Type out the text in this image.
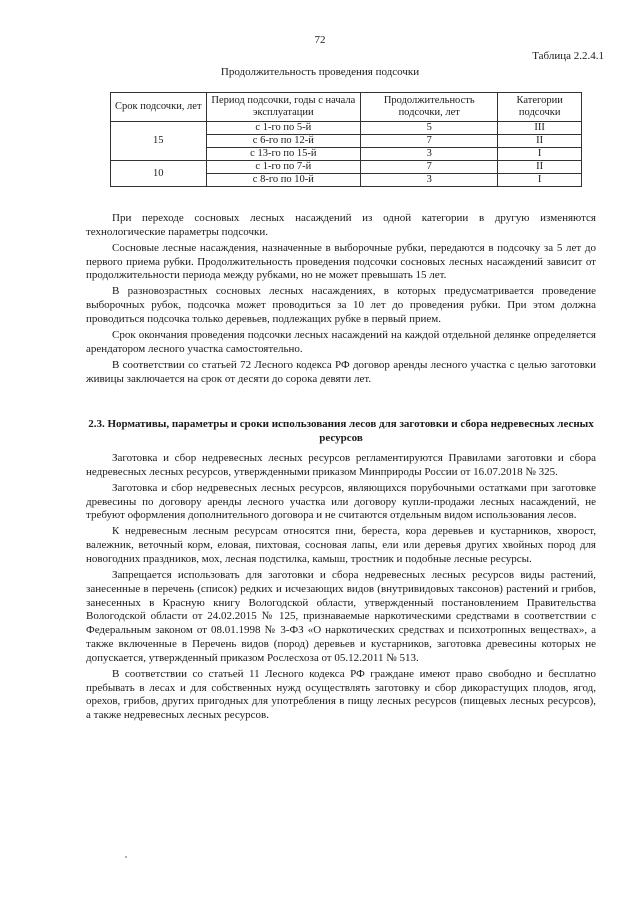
72
Таблица 2.2.4.1
Продолжительность проведения подсочки
Срок подсочки, лет	Период подсочки, годы с начала эксплуатации	Продолжительность подсочки, лет	Категории подсочки
15	с 1-го по 5-й	5	III
	с 6-го по 12-й	7	II
	с 13-го по 15-й	3	I
10	с 1-го по 7-й	7	II
	с 8-го по 10-й	3	I

При переходе сосновых лесных насаждений из одной категории в другую изменяются технологические параметры подсочки.

Сосновые лесные насаждения, назначенные в выборочные рубки, передаются в подсочку за 5 лет до первого приема рубки. Продолжительность проведения подсочки сосновых лесных насаждений зависит от продолжительности периода между рубками, но не может превышать 15 лет.

В разновозрастных сосновых лесных насаждениях, в которых предусматривается проведение выборочных рубок, подсочка может проводиться за 10 лет до проведения рубки. При этом должна проводиться подсочка только деревьев, подлежащих рубке в первый прием.

Срок окончания проведения подсочки лесных насаждений на каждой отдельной делянке определяется арендатором лесного участка самостоятельно.

В соответствии со статьей 72 Лесного кодекса РФ договор аренды лесного участка с целью заготовки живицы заключается на срок от десяти до сорока девяти лет.

2.3. Нормативы, параметры и сроки использования лесов для заготовки и сбора недревесных лесных ресурсов

Заготовка и сбор недревесных лесных ресурсов регламентируются Правилами заготовки и сбора недревесных лесных ресурсов, утвержденными приказом Минприроды России от 16.07.2018 № 325.

Заготовка и сбор недревесных лесных ресурсов, являющихся порубочными остатками при заготовке древесины по договору аренды лесного участка или договору купли-продажи лесных насаждений, не требуют оформления дополнительного договора и не считаются отдельным видом использования лесов.

К недревесным лесным ресурсам относятся пни, береста, кора деревьев и кустарников, хворост, валежник, веточный корм, еловая, пихтовая, сосновая лапы, ели или деревья других хвойных пород для новогодних праздников, мох, лесная подстилка, камыш, тростник и подобные лесные ресурсы.

Запрещается использовать для заготовки и сбора недревесных лесных ресурсов виды растений, занесенные в перечень (список) редких и исчезающих видов (внутривидовых таксонов) растений и грибов, занесенных в Красную книгу Вологодской области, утвержденный постановлением Правительства Вологодской области от 24.02.2015 № 125, признаваемые наркотическими средствами в соответствии с Федеральным законом от 08.01.1998 № 3-ФЗ «О наркотических средствах и психотропных веществах», а также включенные в Перечень видов (пород) деревьев и кустарников, заготовка древесины которых не допускается, утвержденный приказом Рослесхоза от 05.12.2011 № 513.

В соответствии со статьей 11 Лесного кодекса РФ граждане имеют право свободно и бесплатно пребывать в лесах и для собственных нужд осуществлять заготовку и сбор дикорастущих плодов, ягод, орехов, грибов, других пригодных для употребления в пищу лесных ресурсов (пищевых лесных ресурсов), а также недревесных лесных ресурсов.
